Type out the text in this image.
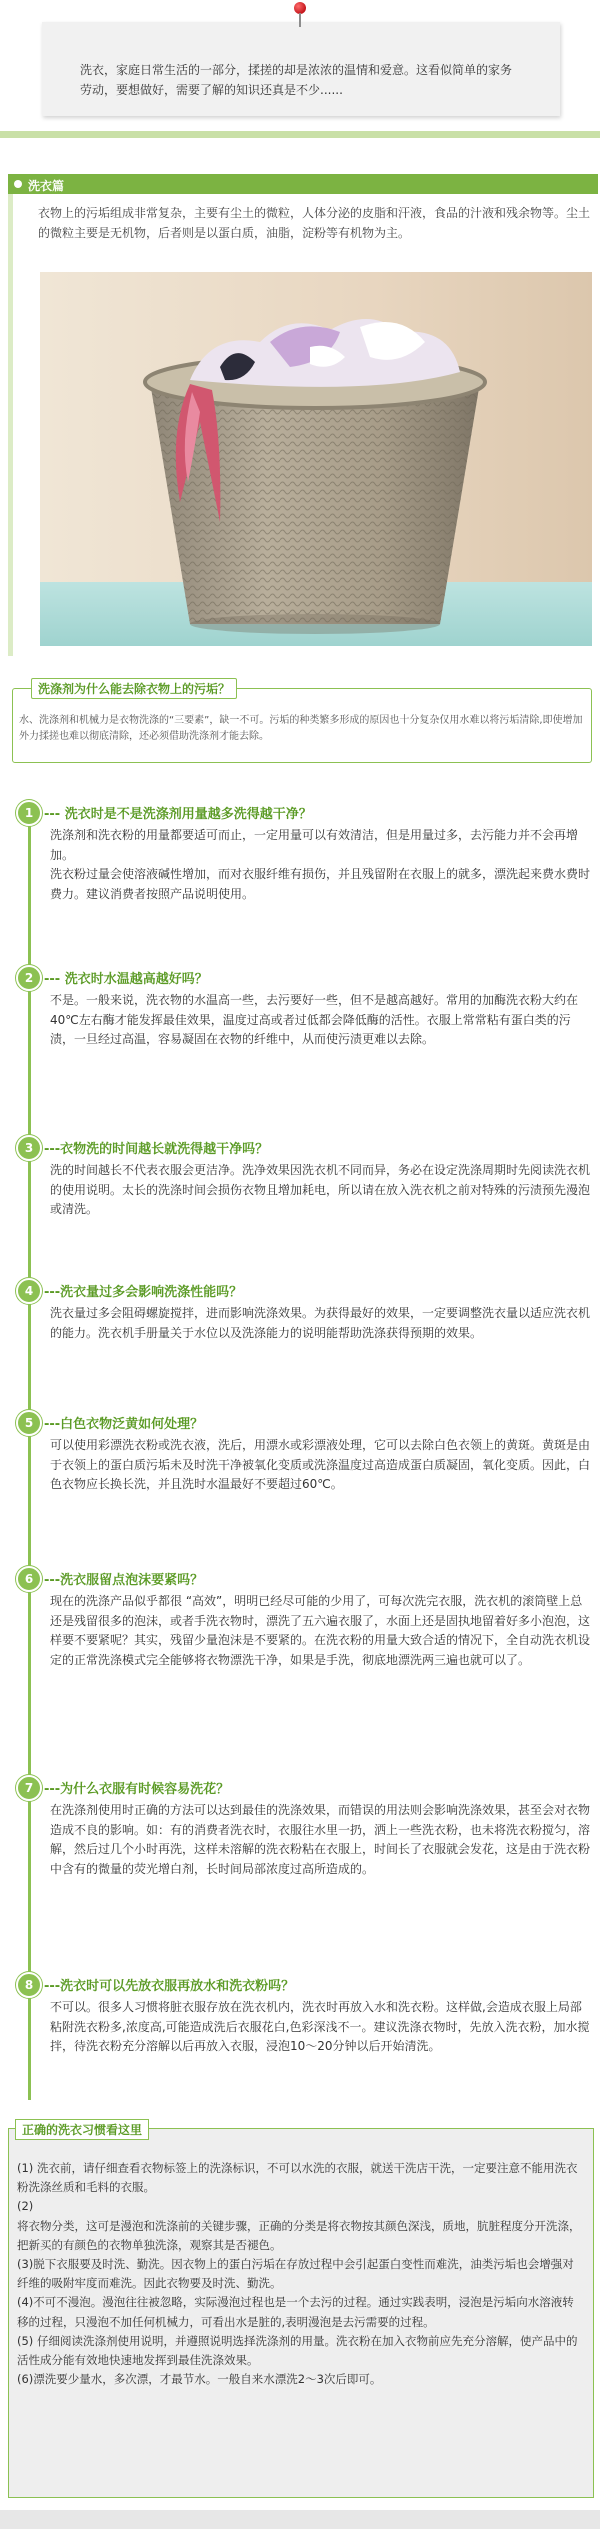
洗衣，家庭日常生活的一部分，揉搓的却是浓浓的温情和爱意。这看似简单的家务劳动，要想做好，需要了解的知识还真是不少......

洗衣篇

衣物上的污垢组成非常复杂，主要有尘土的微粒，人体分泌的皮脂和汗液，食品的汁液和残余物等。尘土的微粒主要是无机物，后者则是以蛋白质，油脂，淀粉等有机物为主。

洗涤剂为什么能去除衣物上的污垢？

水、洗涤剂和机械力是衣物洗涤的“三要素”，缺一不可。污垢的种类繁多形成的原因也十分复杂仅用水难以将污垢清除,即使增加外力揉搓也难以彻底清除，还必须借助洗涤剂才能去除。

1 --- 洗衣时是不是洗涤剂用量越多洗得越干净？

洗涤剂和洗衣粉的用量都要适可而止，一定用量可以有效清洁，但是用量过多，去污能力并不会再增加。
洗衣粉过量会使溶液碱性增加，而对衣服纤维有损伤，并且残留附在衣服上的就多，漂洗起来费水费时费力。建议消费者按照产品说明使用。

2 --- 洗衣时水温越高越好吗？

不是。一般来说，洗衣物的水温高一些，去污要好一些，但不是越高越好。常用的加酶洗衣粉大约在40℃左右酶才能发挥最佳效果，温度过高或者过低都会降低酶的活性。衣服上常常粘有蛋白类的污渍，一旦经过高温，容易凝固在衣物的纤维中，从而使污渍更难以去除。

3 ---衣物洗的时间越长就洗得越干净吗？

洗的时间越长不代表衣服会更洁净。洗净效果因洗衣机不同而异，务必在设定洗涤周期时先阅读洗衣机的使用说明。太长的洗涤时间会损伤衣物且增加耗电，所以请在放入洗衣机之前对特殊的污渍预先漫泡或清洗。

4 ---洗衣量过多会影响洗涤性能吗？

洗衣量过多会阻碍螺旋搅拌，进而影响洗涤效果。为获得最好的效果，一定要调整洗衣量以适应洗衣机的能力。洗衣机手册量关于水位以及洗涤能力的说明能帮助洗涤获得预期的效果。

5 ---白色衣物泛黄如何处理？

可以使用彩漂洗衣粉或洗衣液，洗后，用漂水或彩漂液处理，它可以去除白色衣领上的黄斑。黄斑是由于衣领上的蛋白质污垢未及时洗干净被氧化变质或洗涤温度过高造成蛋白质凝固，氧化变质。因此，白色衣物应长换长洗，并且洗时水温最好不要超过60℃。

6 ---洗衣服留点泡沫要紧吗？

现在的洗涤产品似乎都很 “高效”，明明已经尽可能的少用了，可每次洗完衣服，洗衣机的滚筒壁上总还是残留很多的泡沫，或者手洗衣物时，漂洗了五六遍衣服了，水面上还是固执地留着好多小泡泡，这样要不要紧呢？其实，残留少量泡沫是不要紧的。在洗衣粉的用量大致合适的情况下，全自动洗衣机设定的正常洗涤模式完全能够将衣物漂洗干净，如果是手洗，彻底地漂洗两三遍也就可以了。

7 ---为什么衣服有时候容易洗花？

在洗涤剂使用时正确的方法可以达到最佳的洗涤效果，而错误的用法则会影响洗涤效果，甚至会对衣物造成不良的影响。如：有的消费者洗衣时，衣服往水里一扔，洒上一些洗衣粉，也未将洗衣粉搅匀，溶解，然后过几个小时再洗，这样未溶解的洗衣粉粘在衣服上，时间长了衣服就会发花，这是由于洗衣粉中含有的微量的荧光增白剂，长时间局部浓度过高所造成的。

8 ---洗衣时可以先放衣服再放水和洗衣粉吗？

不可以。很多人习惯将脏衣服存放在洗衣机内，洗衣时再放入水和洗衣粉。这样做,会造成衣服上局部粘附洗衣粉多,浓度高,可能造成洗后衣服花白,色彩深浅不一。建议洗涤衣物时，先放入洗衣粉，加水搅拌，待洗衣粉充分溶解以后再放入衣服，浸泡10～20分钟以后开始清洗。

正确的洗衣习惯看这里
(1) 洗衣前，请仔细查看衣物标签上的洗涤标识，不可以水洗的衣服，就送干洗店干洗，一定要注意不能用洗衣粉洗涤丝质和毛料的衣服。
(2)
将衣物分类，这可是漫泡和洗涤前的关键步骤，正确的分类是将衣物按其颜色深浅，质地，肮脏程度分开洗涤，把新买的有颜色的衣物单独洗涤，观察其是否褪色。
(3)脱下衣服要及时洗、勤洗。因衣物上的蛋白污垢在存放过程中会引起蛋白变性而难洗，油类污垢也会增强对纤维的吸附牢度而难洗。因此衣物要及时洗、勤洗。
(4)不可不漫泡。漫泡往往被忽略，实际漫泡过程也是一个去污的过程。通过实践表明，浸泡是污垢向水溶液转移的过程，只漫泡不加任何机械力，可看出水是脏的,表明漫泡是去污需要的过程。
(5) 仔细阅读洗涤剂使用说明，并遵照说明选择洗涤剂的用量。洗衣粉在加入衣物前应先充分溶解，使产品中的活性成分能有效地快速地发挥到最佳洗涤效果。
(6)漂洗要少量水，多次漂，才最节水。一般自来水漂洗2～3次后即可。
